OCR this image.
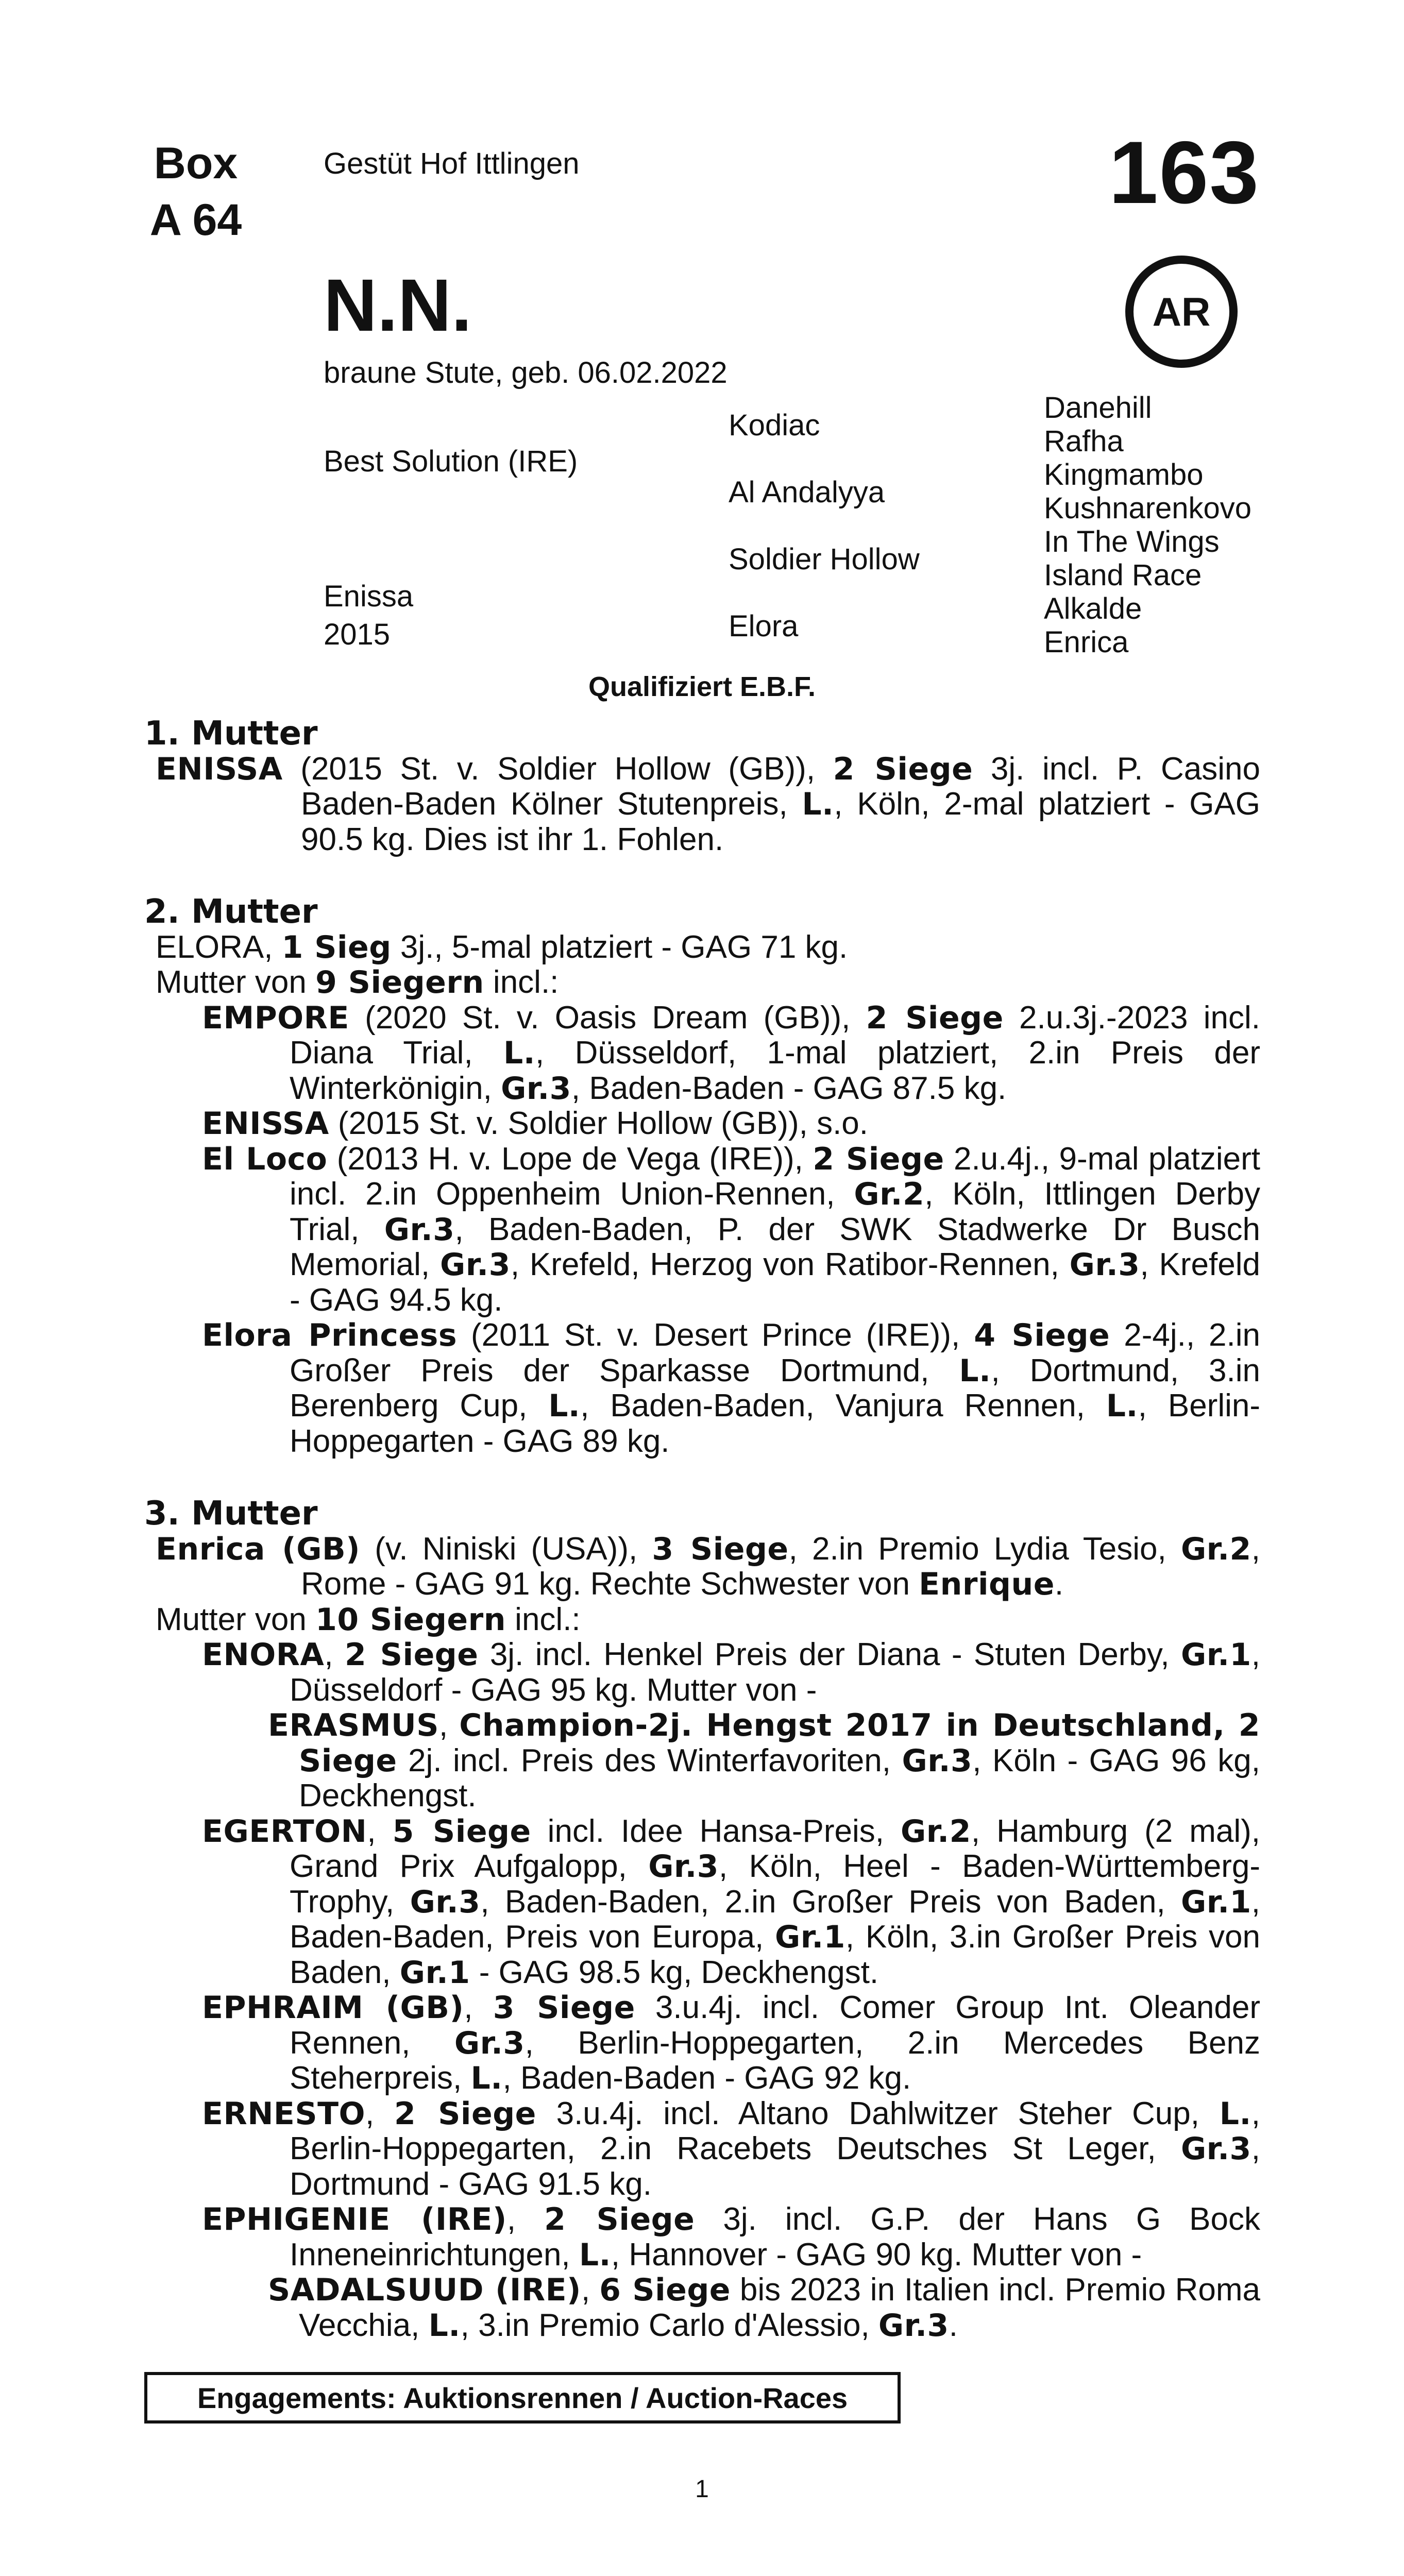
Box
A 64
Gestüt Hof Ittlingen	163
AR
N.N.
braune Stute, geb. 06.02.2022
Best Solution (IRE)
Enissa
2015
Kodiac
Al Andalyya
Soldier Hollow
Elora
Danehill
Rafha
Kingmambo
Kushnarenkovo
In The Wings
Island Race
Alkalde
Enrica
Qualifiziert E.B.F.
1. Mutter
ENISSA (2015 St. v. Soldier Hollow (GB)), 2 Siege 3j. incl. P. Casino Baden-Baden Kölner Stutenpreis, L., Köln, 2-mal platziert - GAG 90.5 kg. Dies ist ihr 1. Fohlen.
2. Mutter
ELORA, 1 Sieg 3j., 5-mal platziert - GAG 71 kg.
Mutter von 9 Siegern incl.:
EMPORE (2020 St. v. Oasis Dream (GB)), 2 Siege 2.u.3j.-2023 incl. Diana Trial, L., Düsseldorf, 1-mal platziert, 2.in Preis der Winterkönigin, Gr.3, Baden-Baden - GAG 87.5 kg.
ENISSA (2015 St. v. Soldier Hollow (GB)), s.o.
El Loco (2013 H. v. Lope de Vega (IRE)), 2 Siege 2.u.4j., 9-mal platziert incl. 2.in Oppenheim Union-Rennen, Gr.2, Köln, Ittlingen Derby Trial, Gr.3, Baden-Baden, P. der SWK Stadwerke Dr Busch Memorial, Gr.3, Krefeld, Herzog von Ratibor-Rennen, Gr.3, Krefeld - GAG 94.5 kg.
Elora Princess (2011 St. v. Desert Prince (IRE)), 4 Siege 2-4j., 2.in Großer Preis der Sparkasse Dortmund, L., Dortmund, 3.in Berenberg Cup, L., Baden-Baden, Vanjura Rennen, L., Berlin-Hoppegarten - GAG 89 kg.
3. Mutter
Enrica (GB) (v. Niniski (USA)), 3 Siege, 2.in Premio Lydia Tesio, Gr.2, Rome - GAG 91 kg. Rechte Schwester von Enrique.
Mutter von 10 Siegern incl.:
ENORA, 2 Siege 3j. incl. Henkel Preis der Diana - Stuten Derby, Gr.1, Düsseldorf - GAG 95 kg. Mutter von -
ERASMUS, Champion-2j. Hengst 2017 in Deutschland, 2 Siege 2j. incl. Preis des Winterfavoriten, Gr.3, Köln - GAG 96 kg, Deckhengst.
EGERTON, 5 Siege incl. Idee Hansa-Preis, Gr.2, Hamburg (2 mal), Grand Prix Aufgalopp, Gr.3, Köln, Heel - Baden-Württemberg-Trophy, Gr.3, Baden-Baden, 2.in Großer Preis von Baden, Gr.1, Baden-Baden, Preis von Europa, Gr.1, Köln, 3.in Großer Preis von Baden, Gr.1 - GAG 98.5 kg, Deckhengst.
EPHRAIM (GB), 3 Siege 3.u.4j. incl. Comer Group Int. Oleander Rennen, Gr.3, Berlin-Hoppegarten, 2.in Mercedes Benz Steherpreis, L., Baden-Baden - GAG 92 kg.
ERNESTO, 2 Siege 3.u.4j. incl. Altano Dahlwitzer Steher Cup, L., Berlin-Hoppegarten, 2.in Racebets Deutsches St Leger, Gr.3, Dortmund - GAG 91.5 kg.
EPHIGENIE (IRE), 2 Siege 3j. incl. G.P. der Hans G Bock Inneneinrichtungen, L., Hannover - GAG 90 kg. Mutter von -
SADALSUUD (IRE), 6 Siege bis 2023 in Italien incl. Premio Roma Vecchia, L., 3.in Premio Carlo d'Alessio, Gr.3.
Engagements: Auktionsrennen / Auction-Races
1
